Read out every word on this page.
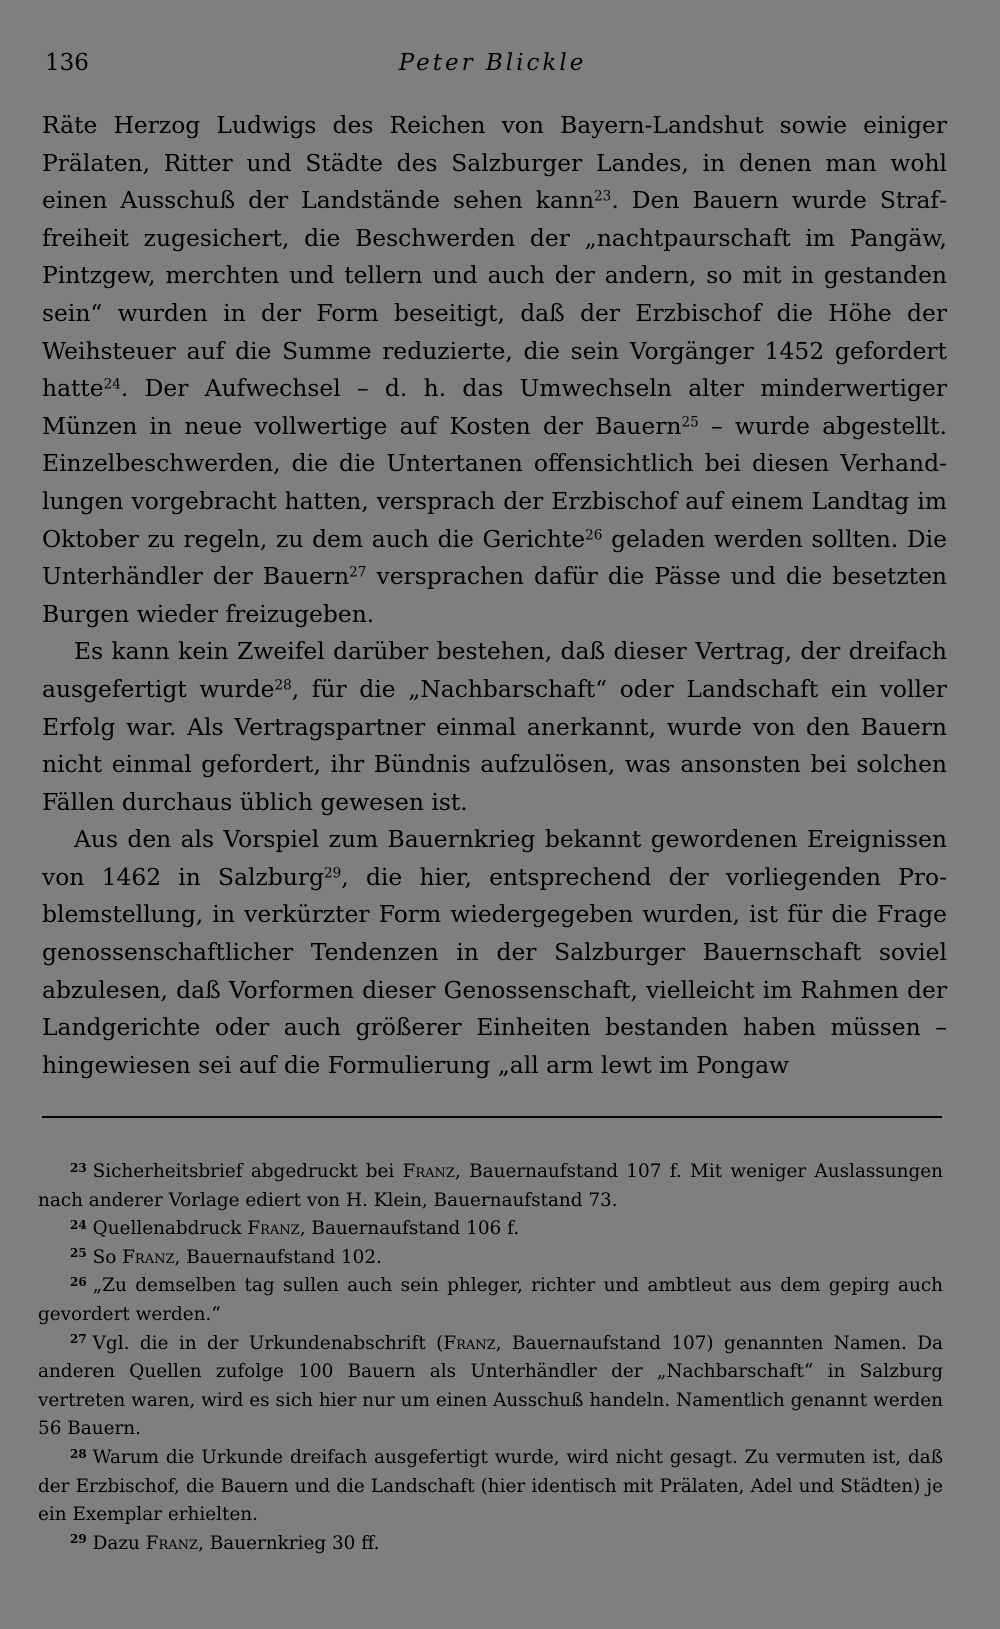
136	Peter Blickle

Räte Herzog Ludwigs des Reichen von Bayern-Landshut sowie einiger Prälaten, Ritter und Städte des Salzburger Landes, in denen man wohl einen Ausschuß der Landstände sehen kann$^{23}$. Den Bauern wurde Straffreiheit zugesichert, die Beschwerden der „nachtpaurschaft im Pangäw, Pintzgew, merchten und tellern und auch der andern, so mit in gestanden sein“ wurden in der Form beseitigt, daß der Erzbischof die Höhe der Weihsteuer auf die Summe reduzierte, die sein Vorgänger 1452 gefordert hatte$^{24}$. Der Aufwechsel – d. h. das Umwechseln alter minderwertiger Münzen in neue vollwertige auf Kosten der Bauern$^{25}$ – wurde abgestellt. Einzelbeschwerden, die die Untertanen offensichtlich bei diesen Verhandlungen vorgebracht hatten, versprach der Erzbischof auf einem Landtag im Oktober zu regeln, zu dem auch die Gerichte$^{26}$ geladen werden sollten. Die Unterhändler der Bauern$^{27}$ versprachen dafür die Pässe und die besetzten Burgen wieder freizugeben.

Es kann kein Zweifel darüber bestehen, daß dieser Vertrag, der dreifach ausgefertigt wurde$^{28}$, für die „Nachbarschaft“ oder Landschaft ein voller Erfolg war. Als Vertragspartner einmal anerkannt, wurde von den Bauern nicht einmal gefordert, ihr Bündnis aufzulösen, was ansonsten bei solchen Fällen durchaus üblich gewesen ist.

Aus den als Vorspiel zum Bauernkrieg bekannt gewordenen Ereignissen von 1462 in Salzburg$^{29}$, die hier, entsprechend der vorliegenden Problemstellung, in verkürzter Form wiedergegeben wurden, ist für die Frage genossenschaftlicher Tendenzen in der Salzburger Bauernschaft soviel abzulesen, daß Vorformen dieser Genossenschaft, vielleicht im Rahmen der Landgerichte oder auch größerer Einheiten bestanden haben müssen – hingewiesen sei auf die Formulierung „all arm lewt im Pongaw

$^{23}$ Sicherheitsbrief abgedruckt bei Franz, Bauernaufstand 107 f. Mit weniger Auslassungen nach anderer Vorlage ediert von H. Klein, Bauernaufstand 73.

$^{24}$ Quellenabdruck Franz, Bauernaufstand 106 f.

$^{25}$ So Franz, Bauernaufstand 102.

$^{26}$ „Zu demselben tag sullen auch sein phleger, richter und ambtleut aus dem gepirg auch gevordert werden.“

$^{27}$ Vgl. die in der Urkundenabschrift (Franz, Bauernaufstand 107) genannten Namen. Da anderen Quellen zufolge 100 Bauern als Unterhändler der „Nachbarschaft“ in Salzburg vertreten waren, wird es sich hier nur um einen Ausschuß handeln. Namentlich genannt werden 56 Bauern.

$^{28}$ Warum die Urkunde dreifach ausgefertigt wurde, wird nicht gesagt. Zu vermuten ist, daß der Erzbischof, die Bauern und die Landschaft (hier identisch mit Prälaten, Adel und Städten) je ein Exemplar erhielten.

$^{29}$ Dazu Franz, Bauernkrieg 30 ff.
